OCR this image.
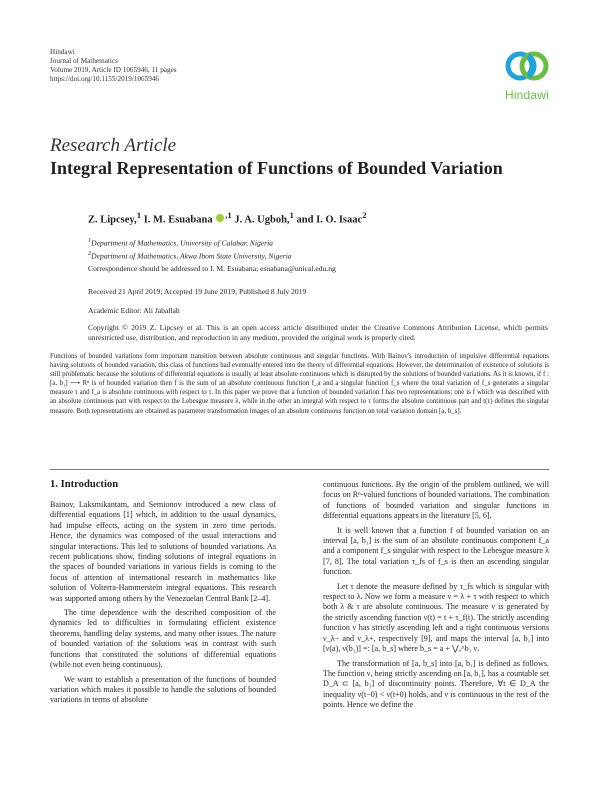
Hindawi
Journal of Mathematics
Volume 2019, Article ID 1065946, 11 pages
https://doi.org/10.1155/2019/1065946
Hindawi
Research Article
Integral Representation of Functions of Bounded Variation
Z. Lipcsey,$^1$ I. M. Esuabana $^{,1}$ J. A. Ugboh,$^1$ and I. O. Isaac$^2$
$^1$Department of Mathematics, University of Calabar, Nigeria
$^2$Department of Mathematics, Akwa Ibom State University, Nigeria
Correspondence should be addressed to I. M. Esuabana; esuabana@unical.edu.ng
Received 21 April 2019; Accepted 19 June 2019; Published 8 July 2019
Academic Editor: Ali Jaballah
Copyright © 2019 Z. Lipcsey et al. This is an open access article distributed under the Creative Commons Attribution License, which permits unrestricted use, distribution, and reproduction in any medium, provided the original work is properly cited.

Functions of bounded variations form important transition between absolute continuous and singular functions. With Bainov's introduction of impulsive differential equations having solutions of bounded variation, this class of functions had eventually entered into the theory of differential equations. However, the determination of existence of solutions is still problematic because the solutions of differential equations is usually at least absolute continuous which is disrupted by the solutions of bounded variations. As it is known, if f : [a, b₁] ⟶ Rⁿ is of bounded variation then f is the sum of an absolute continuous function f_a and a singular function f_s where the total variation of f_s generates a singular measure τ and f_a is absolute continuous with respect to τ. In this paper we prove that a function of bounded variation f has two representations: one is f which was described with an absolute continuous part with respect to the Lebesgue measure λ, while in the other an integral with respect to τ forms the absolute continuous part and t(τ) defines the singular measure. Both representations are obtained as parameter transformation images of an absolute continuous function on total variation domain [a, b_s].

1. Introduction

Bainov, Laksmikantam, and Semionov introduced a new class of differential equations [1] which, in addition to the usual dynamics, had impulse effects, acting on the system in zero time periods. Hence, the dynamics was composed of the usual interactions and singular interactions. This led to solutions of bounded variations. As recent publications show, finding solutions of integral equations in the spaces of bounded variations in various fields is coming to the focus of attention of international research in mathematics like solution of Volterra-Hammerstein integral equations. This research was supported among others by the Venezuelan Central Bank [2–4].

The time dependence with the described composition of the dynamics led to difficulties in formulating efficient existence theorems, handling delay systems, and many other issues. The nature of bounded variation of the solutions was in contrast with such functions that constituted the solutions of differential equations (while not even being continuous).

We want to establish a presentation of the functions of bounded variation which makes it possible to handle the solutions of bounded variations in terms of absolute

continuous functions. By the origin of the problem outlined, we will focus on Rⁿ-valued functions of bounded variations. The combination of functions of bounded variation and singular functions in differential equations appears in the literature [5, 6].

It is well known that a function f of bounded variation on an interval [a, b₁] is the sum of an absolute continuous component f_a and a component f_s singular with respect to the Lebesgue measure λ [7, 8]. The total variation τ_fs of f_s is then an ascending singular function.

Let τ denote the measure defined by τ_fs which is singular with respect to λ. Now we form a measure ν = λ + τ with respect to which both λ & τ are absolute continuous. The measure ν is generated by the strictly ascending function ν(t) = t + τ_f(t). The strictly ascending function ν has strictly ascending left and a right continuous versions ν_λ− and ν_λ+, respectively [9], and maps the interval [a, b₁] into [ν(a), ν(b₁)] =: [a, b_s] where b_s = a + ⋁ₐ^b₁ ν.

The transformation of [a, b_s] into [a, b₁] is defined as follows. The function ν, being strictly ascending on [a, b₁], has a countable set D_A ⊂ [a, b₁] of discontinuity points. Therefore, ∀t ∈ D_A the inequality ν(t−0) < ν(t+0) holds, and ν is continuous in the rest of the points. Hence we define the
